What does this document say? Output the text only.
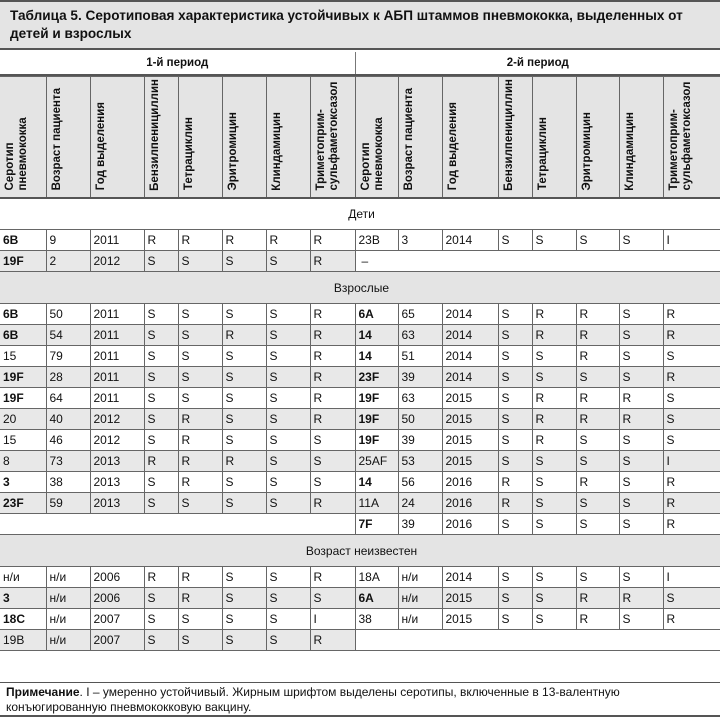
Таблица 5. Серотиповая характеристика устойчивых к АБП штаммов пневмококка, выделенных от детей и взрослых
1-й период	2-й период
Серотип пневмококка	Возраст пациента	Год выделения	Бензилпенициллин	Тетрациклин	Эритромицин	Клиндамицин	Триметоприм-сульфаметоксазол	Серотип пневмококка	Возраст пациента	Год выделения	Бензилпенициллин	Тетрациклин	Эритромицин	Клиндамицин	Триметоприм-сульфаметоксазол

Дети															
6B	9	2011	R	R	R	R	R	23B	3	2014	S	S	S	S	I
19F	2	2012	S	S	S	S	R	–							
Взрослые															
6B	50	2011	S	S	S	S	R	6A	65	2014	S	R	R	S	R
6B	54	2011	S	S	R	S	R	14	63	2014	S	R	R	S	R
15	79	2011	S	S	S	S	R	14	51	2014	S	S	R	S	S
19F	28	2011	S	S	S	S	R	23F	39	2014	S	S	S	S	R
19F	64	2011	S	S	S	S	R	19F	63	2015	S	R	R	R	S
20	40	2012	S	R	S	S	R	19F	50	2015	S	R	R	R	S
15	46	2012	S	R	S	S	S	19F	39	2015	S	R	S	S	S
8	73	2013	R	R	R	S	S	25AF	53	2015	S	S	S	S	I
3	38	2013	S	R	S	S	S	14	56	2016	R	S	R	S	R
23F	59	2013	S	S	S	S	R	11A	24	2016	R	S	S	S	R
								7F	39	2016	S	S	S	S	R
Возраст неизвестен															
н/и	н/и	2006	R	R	S	S	R	18A	н/и	2014	S	S	S	S	I
3	н/и	2006	S	R	S	S	S	6A	н/и	2015	S	S	R	R	S
18C	н/и	2007	S	S	S	S	I	38	н/и	2015	S	S	R	S	R
19B	н/и	2007	S	S	S	S	R								
Примечание. I – умеренно устойчивый. Жирным шрифтом выделены серотипы, включенные в 13-валентную конъюгированную пневмококковую вакцину.
